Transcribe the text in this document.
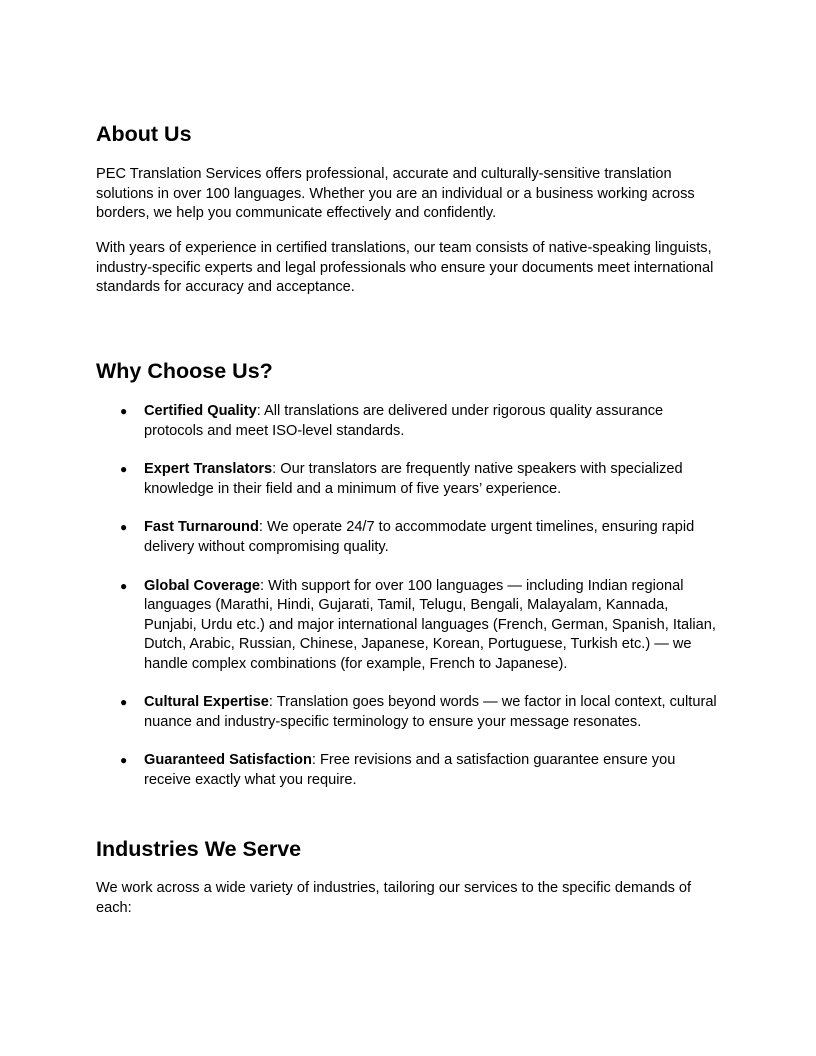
About Us

PEC Translation Services offers professional, accurate and culturally-sensitive translation solutions in over 100 languages. Whether you are an individual or a business working across borders, we help you communicate effectively and confidently.

With years of experience in certified translations, our team consists of native-speaking linguists, industry-specific experts and legal professionals who ensure your documents meet international standards for accuracy and acceptance.

Why Choose Us?
● Certified Quality: All translations are delivered under rigorous quality assurance protocols and meet ISO-level standards.
● Expert Translators: Our translators are frequently native speakers with specialized knowledge in their field and a minimum of five years’ experience.
● Fast Turnaround: We operate 24/7 to accommodate urgent timelines, ensuring rapid delivery without compromising quality.
● Global Coverage: With support for over 100 languages — including Indian regional languages (Marathi, Hindi, Gujarati, Tamil, Telugu, Bengali, Malayalam, Kannada, Punjabi, Urdu etc.) and major international languages (French, German, Spanish, Italian, Dutch, Arabic, Russian, Chinese, Japanese, Korean, Portuguese, Turkish etc.) — we handle complex combinations (for example, French to Japanese).
● Cultural Expertise: Translation goes beyond words — we factor in local context, cultural nuance and industry-specific terminology to ensure your message resonates.
● Guaranteed Satisfaction: Free revisions and a satisfaction guarantee ensure you receive exactly what you require.
Industries We Serve

We work across a wide variety of industries, tailoring our services to the specific demands of each:
